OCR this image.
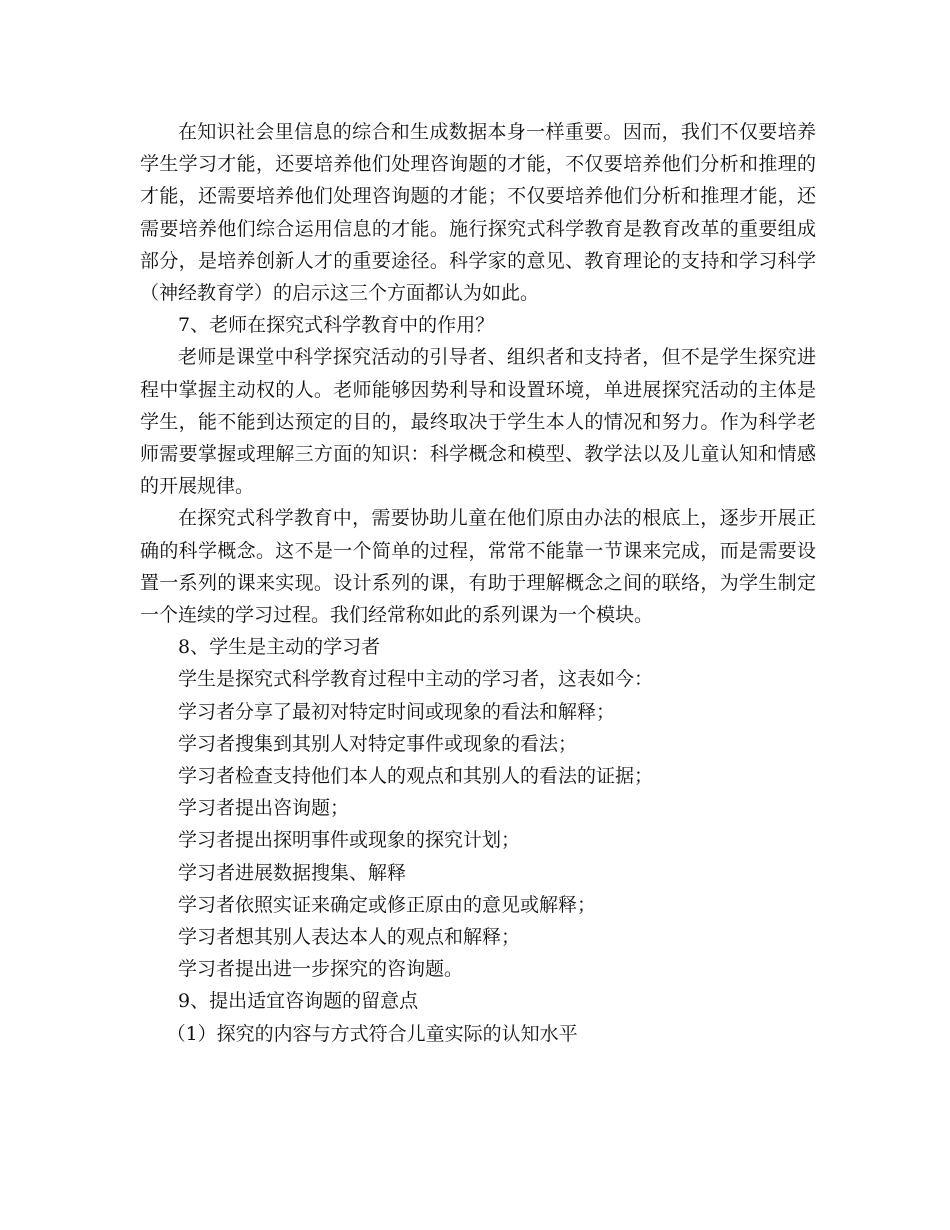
在知识社会里信息的综合和生成数据本身一样重要。因而，我们不仅要培养学生学习才能，还要培养他们处理咨询题的才能，不仅要培养他们分析和推理的才能，还需要培养他们处理咨询题的才能；不仅要培养他们分析和推理才能，还需要培养他们综合运用信息的才能。施行探究式科学教育是教育改革的重要组成部分，是培养创新人才的重要途径。科学家的意见、教育理论的支持和学习科学（神经教育学）的启示这三个方面都认为如此。

7、老师在探究式科学教育中的作用？

老师是课堂中科学探究活动的引导者、组织者和支持者，但不是学生探究进程中掌握主动权的人。老师能够因势利导和设置环境，单进展探究活动的主体是学生，能不能到达预定的目的，最终取决于学生本人的情况和努力。作为科学老师需要掌握或理解三方面的知识：科学概念和模型、教学法以及儿童认知和情感的开展规律。

在探究式科学教育中，需要协助儿童在他们原由办法的根底上，逐步开展正确的科学概念。这不是一个简单的过程，常常不能靠一节课来完成，而是需要设置一系列的课来实现。设计系列的课，有助于理解概念之间的联络，为学生制定一个连续的学习过程。我们经常称如此的系列课为一个模块。

8、学生是主动的学习者

学生是探究式科学教育过程中主动的学习者，这表如今：

学习者分享了最初对特定时间或现象的看法和解释；

学习者搜集到其别人对特定事件或现象的看法；

学习者检查支持他们本人的观点和其别人的看法的证据；

学习者提出咨询题；

学习者提出探明事件或现象的探究计划；

学习者进展数据搜集、解释

学习者依照实证来确定或修正原由的意见或解释；

学习者想其别人表达本人的观点和解释；

学习者提出进一步探究的咨询题。

9、提出适宜咨询题的留意点

（1）探究的内容与方式符合儿童实际的认知水平
